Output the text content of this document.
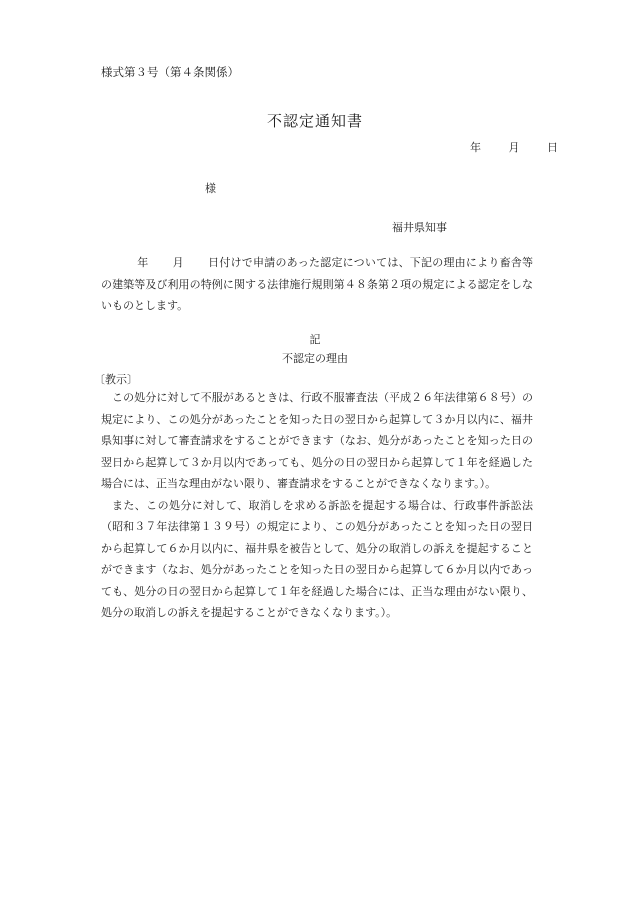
様式第３号（第４条関係）
不認定通知書
年	月	日
様
福井県知事
年 月 日付けで申請のあった認定については、下記の理由により畜舎等の建築等及び利用の特例に関する法律施行規則第４８条第２項の規定による認定をしないものとします。
記
不認定の理由
〔教示〕

この処分に対して不服があるときは、行政不服審査法（平成２６年法律第６８号）の規定により、この処分があったことを知った日の翌日から起算して３か月以内に、福井県知事に対して審査請求をすることができます（なお、処分があったことを知った日の翌日から起算して３か月以内であっても、処分の日の翌日から起算して１年を経過した場合には、正当な理由がない限り、審査請求をすることができなくなります。）。

また、この処分に対して、取消しを求める訴訟を提起する場合は、行政事件訴訟法（昭和３７年法律第１３９号）の規定により、この処分があったことを知った日の翌日から起算して６か月以内に、福井県を被告として、処分の取消しの訴えを提起することができます（なお、処分があったことを知った日の翌日から起算して６か月以内であっても、処分の日の翌日から起算して１年を経過した場合には、正当な理由がない限り、処分の取消しの訴えを提起することができなくなります。）。
